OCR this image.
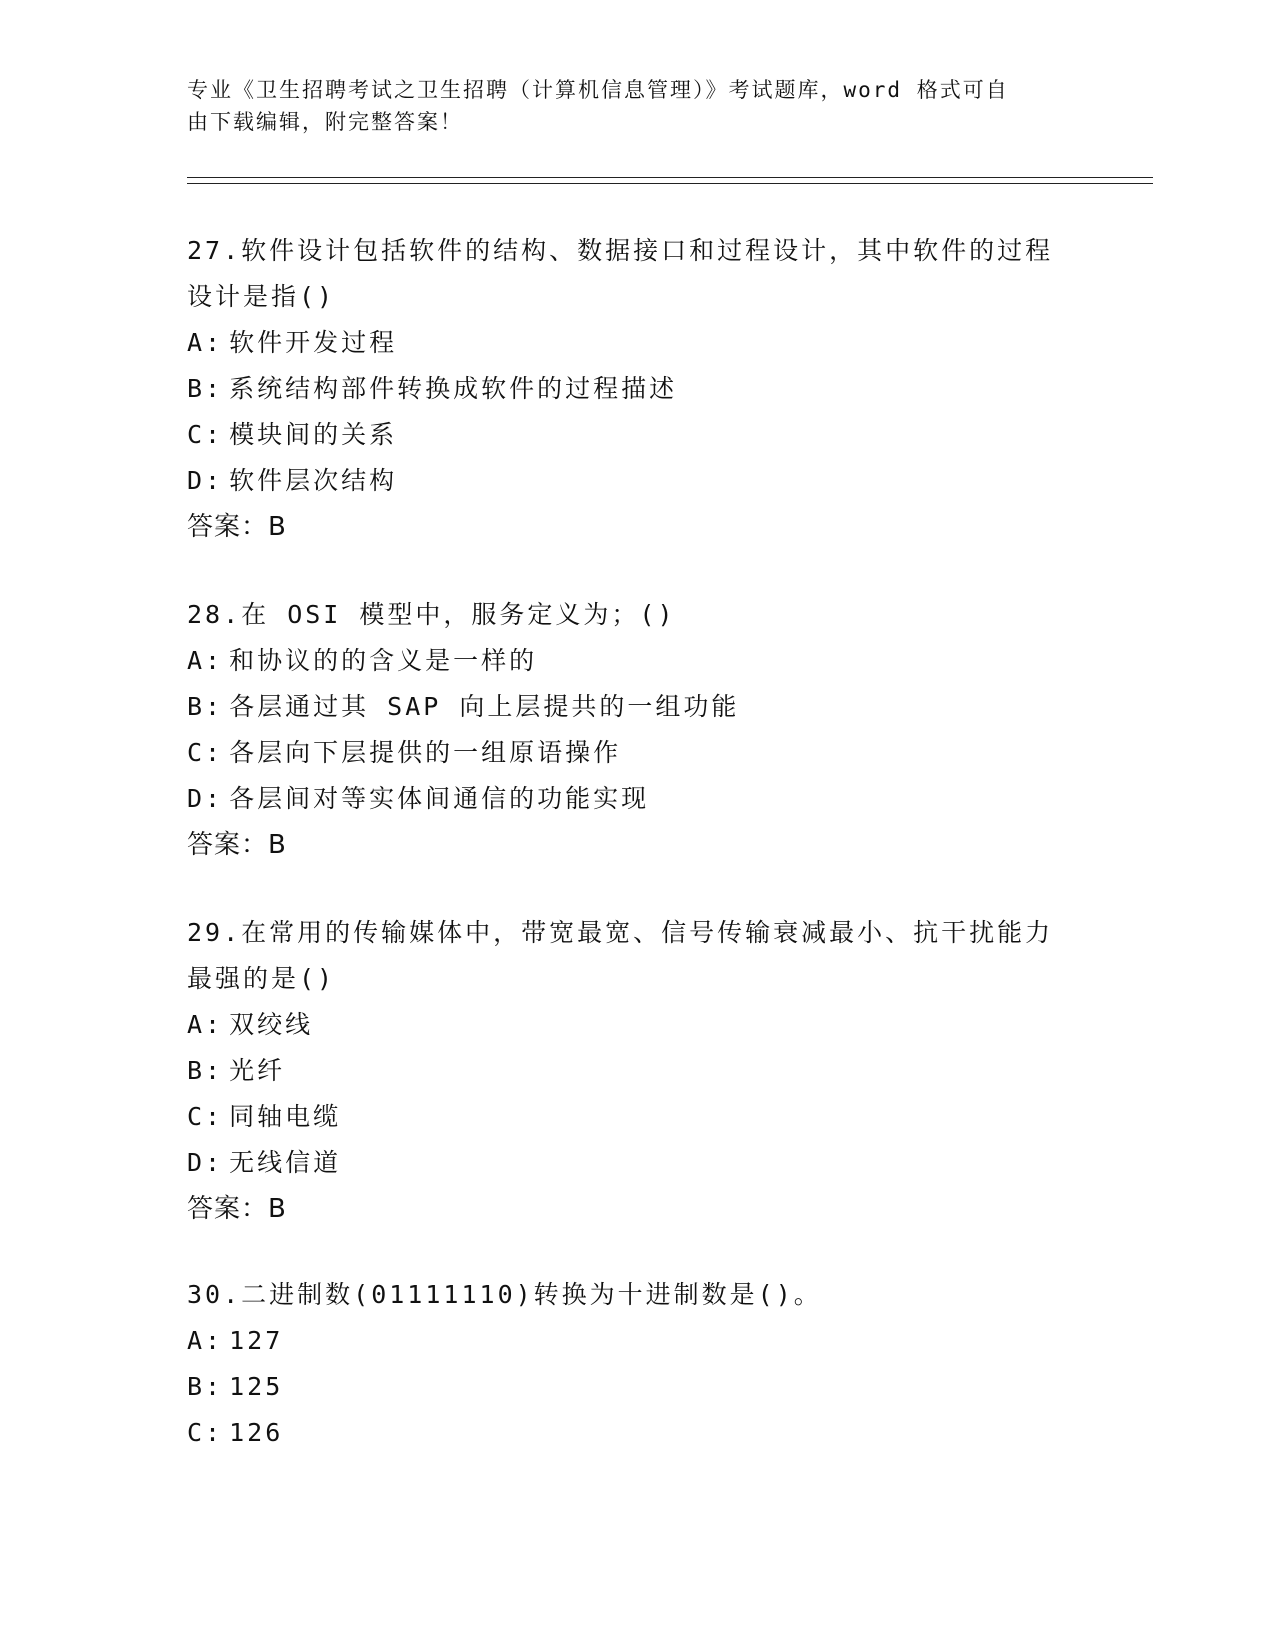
专业《卫生招聘考试之卫生招聘（计算机信息管理）》考试题库，word 格式可自
由下载编辑，附完整答案！
27.软件设计包括软件的结构、数据接口和过程设计，其中软件的过程
设计是指()
A: 软件开发过程
B: 系统结构部件转换成软件的过程描述
C: 模块间的关系
D: 软件层次结构
答案：B
28.在 OSI 模型中，服务定义为；()
A: 和协议的的含义是一样的
B: 各层通过其 SAP 向上层提共的一组功能
C: 各层向下层提供的一组原语操作
D: 各层间对等实体间通信的功能实现
答案：B
29.在常用的传输媒体中，带宽最宽、信号传输衰减最小、抗干扰能力
最强的是()
A: 双绞线
B: 光纤
C: 同轴电缆
D: 无线信道
答案：B
30.二进制数(01111110)转换为十进制数是()。
A: 127
B: 125
C: 126
